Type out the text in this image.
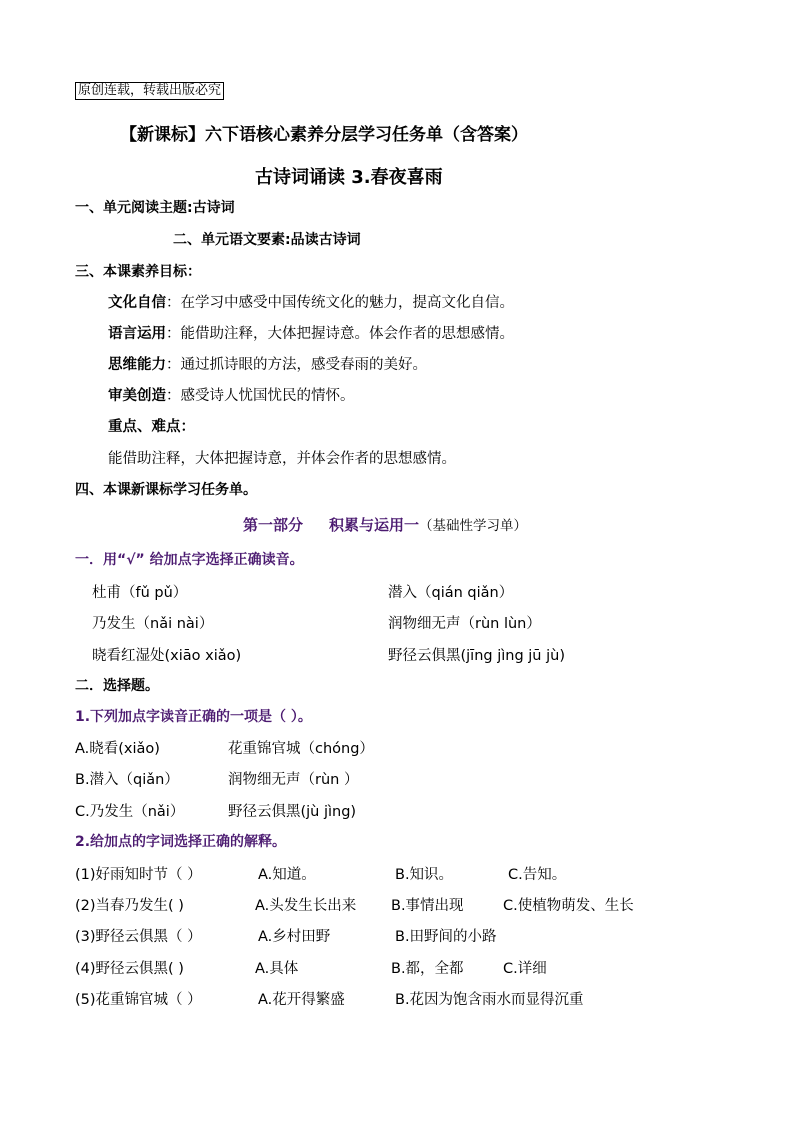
原创连载，转载出版必究
【新课标】六下语核心素养分层学习任务单（含答案）
古诗词诵读 3.春夜喜雨
一、单元阅读主题:古诗词
二、单元语文要素:品读古诗词
三、本课素养目标：
文化自信：在学习中感受中国传统文化的魅力，提高文化自信。
语言运用：能借助注释，大体把握诗意。体会作者的思想感情。
思维能力：通过抓诗眼的方法，感受春雨的美好。
审美创造：感受诗人忧国忧民的情怀。
重点、难点：
能借助注释，大体把握诗意，并体会作者的思想感情。
四、本课新课标学习任务单。
第一部分 积累与运用一（基础性学习单）
一．用“√” 给加点字选择正确读音。
杜甫（fǔ pǔ）	潜入（qián qiǎn）
乃发生（nǎi nài）	润物细无声（rùn lùn）
晓看红湿处(xiāo xiǎo)	野径云俱黑(jīng jìng jū jù)
二．选择题。
1.下列加点字读音正确的一项是（ ）。
A.晓看(xiǎo)	花重锦官城（chóng）
B.潜入（qiǎn）	润物细无声（rùn ）
C.乃发生（nǎi）	野径云俱黑(jù jìng)
2.给加点的字词选择正确的解释。
(1)好雨知时节（ ）	A.知道。	B.知识。	C.告知。
(2)当春乃发生( )	A.头发生长出来 B.事情出现	C.使植物萌发、生长
(3)野径云俱黑（ ）	A.乡村田野	B.田野间的小路
(4)野径云俱黑( )	A.具体	B.都，全都	C.详细
(5)花重锦官城（ ）	A.花开得繁盛	B.花因为饱含雨水而显得沉重
